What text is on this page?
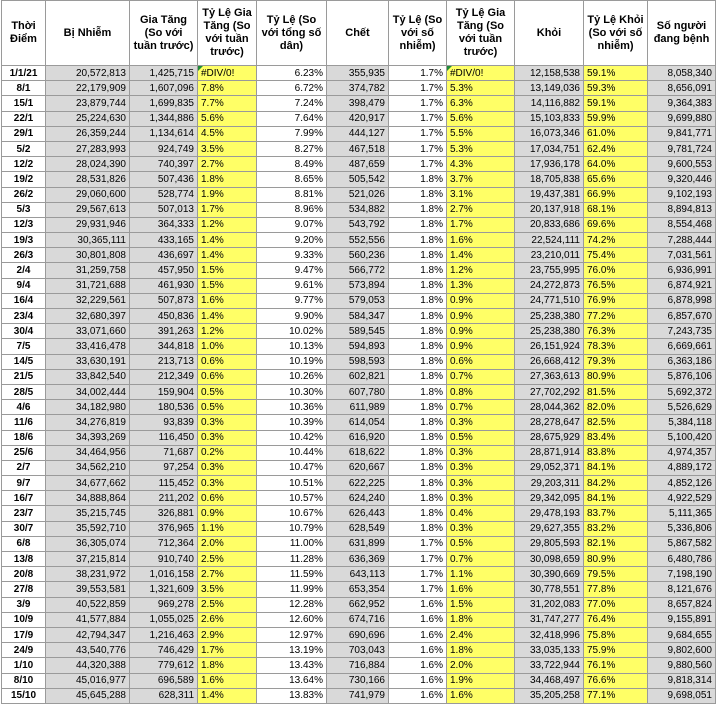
Thời Điểm	Bị Nhiễm	Gia Tăng (So với tuần trước)	Tỷ Lệ Gia Tăng (So với tuần trước)	Tỷ Lệ (So với tổng số dân)	Chết	Tỷ Lệ (So với số nhiễm)	Tỷ Lệ Gia Tăng (So với tuần trước)	Khỏi	Tỷ Lệ Khỏi (So với số nhiễm)	Số người đang bệnh
1/1/21	20,572,813	1,425,715	#DIV/0!	6.23%	355,935	1.7%	#DIV/0!	12,158,538	59.1%	8,058,340
8/1	22,179,909	1,607,096	7.8%	6.72%	374,782	1.7%	5.3%	13,149,036	59.3%	8,656,091
15/1	23,879,744	1,699,835	7.7%	7.24%	398,479	1.7%	6.3%	14,116,882	59.1%	9,364,383
22/1	25,224,630	1,344,886	5.6%	7.64%	420,917	1.7%	5.6%	15,103,833	59.9%	9,699,880
29/1	26,359,244	1,134,614	4.5%	7.99%	444,127	1.7%	5.5%	16,073,346	61.0%	9,841,771
5/2	27,283,993	924,749	3.5%	8.27%	467,518	1.7%	5.3%	17,034,751	62.4%	9,781,724
12/2	28,024,390	740,397	2.7%	8.49%	487,659	1.7%	4.3%	17,936,178	64.0%	9,600,553
19/2	28,531,826	507,436	1.8%	8.65%	505,542	1.8%	3.7%	18,705,838	65.6%	9,320,446
26/2	29,060,600	528,774	1.9%	8.81%	521,026	1.8%	3.1%	19,437,381	66.9%	9,102,193
5/3	29,567,613	507,013	1.7%	8.96%	534,882	1.8%	2.7%	20,137,918	68.1%	8,894,813
12/3	29,931,946	364,333	1.2%	9.07%	543,792	1.8%	1.7%	20,833,686	69.6%	8,554,468
19/3	30,365,111	433,165	1.4%	9.20%	552,556	1.8%	1.6%	22,524,111	74.2%	7,288,444
26/3	30,801,808	436,697	1.4%	9.33%	560,236	1.8%	1.4%	23,210,011	75.4%	7,031,561
2/4	31,259,758	457,950	1.5%	9.47%	566,772	1.8%	1.2%	23,755,995	76.0%	6,936,991
9/4	31,721,688	461,930	1.5%	9.61%	573,894	1.8%	1.3%	24,272,873	76.5%	6,874,921
16/4	32,229,561	507,873	1.6%	9.77%	579,053	1.8%	0.9%	24,771,510	76.9%	6,878,998
23/4	32,680,397	450,836	1.4%	9.90%	584,347	1.8%	0.9%	25,238,380	77.2%	6,857,670
30/4	33,071,660	391,263	1.2%	10.02%	589,545	1.8%	0.9%	25,238,380	76.3%	7,243,735
7/5	33,416,478	344,818	1.0%	10.13%	594,893	1.8%	0.9%	26,151,924	78.3%	6,669,661
14/5	33,630,191	213,713	0.6%	10.19%	598,593	1.8%	0.6%	26,668,412	79.3%	6,363,186
21/5	33,842,540	212,349	0.6%	10.26%	602,821	1.8%	0.7%	27,363,613	80.9%	5,876,106
28/5	34,002,444	159,904	0.5%	10.30%	607,780	1.8%	0.8%	27,702,292	81.5%	5,692,372
4/6	34,182,980	180,536	0.5%	10.36%	611,989	1.8%	0.7%	28,044,362	82.0%	5,526,629
11/6	34,276,819	93,839	0.3%	10.39%	614,054	1.8%	0.3%	28,278,647	82.5%	5,384,118
18/6	34,393,269	116,450	0.3%	10.42%	616,920	1.8%	0.5%	28,675,929	83.4%	5,100,420
25/6	34,464,956	71,687	0.2%	10.44%	618,622	1.8%	0.3%	28,871,914	83.8%	4,974,357
2/7	34,562,210	97,254	0.3%	10.47%	620,667	1.8%	0.3%	29,052,371	84.1%	4,889,172
9/7	34,677,662	115,452	0.3%	10.51%	622,225	1.8%	0.3%	29,203,311	84.2%	4,852,126
16/7	34,888,864	211,202	0.6%	10.57%	624,240	1.8%	0.3%	29,342,095	84.1%	4,922,529
23/7	35,215,745	326,881	0.9%	10.67%	626,443	1.8%	0.4%	29,478,193	83.7%	5,111,365
30/7	35,592,710	376,965	1.1%	10.79%	628,549	1.8%	0.3%	29,627,355	83.2%	5,336,806
6/8	36,305,074	712,364	2.0%	11.00%	631,899	1.7%	0.5%	29,805,593	82.1%	5,867,582
13/8	37,215,814	910,740	2.5%	11.28%	636,369	1.7%	0.7%	30,098,659	80.9%	6,480,786
20/8	38,231,972	1,016,158	2.7%	11.59%	643,113	1.7%	1.1%	30,390,669	79.5%	7,198,190
27/8	39,553,581	1,321,609	3.5%	11.99%	653,354	1.7%	1.6%	30,778,551	77.8%	8,121,676
3/9	40,522,859	969,278	2.5%	12.28%	662,952	1.6%	1.5%	31,202,083	77.0%	8,657,824
10/9	41,577,884	1,055,025	2.6%	12.60%	674,716	1.6%	1.8%	31,747,277	76.4%	9,155,891
17/9	42,794,347	1,216,463	2.9%	12.97%	690,696	1.6%	2.4%	32,418,996	75.8%	9,684,655
24/9	43,540,776	746,429	1.7%	13.19%	703,043	1.6%	1.8%	33,035,133	75.9%	9,802,600
1/10	44,320,388	779,612	1.8%	13.43%	716,884	1.6%	2.0%	33,722,944	76.1%	9,880,560
8/10	45,016,977	696,589	1.6%	13.64%	730,166	1.6%	1.9%	34,468,497	76.6%	9,818,314
15/10	45,645,288	628,311	1.4%	13.83%	741,979	1.6%	1.6%	35,205,258	77.1%	9,698,051
